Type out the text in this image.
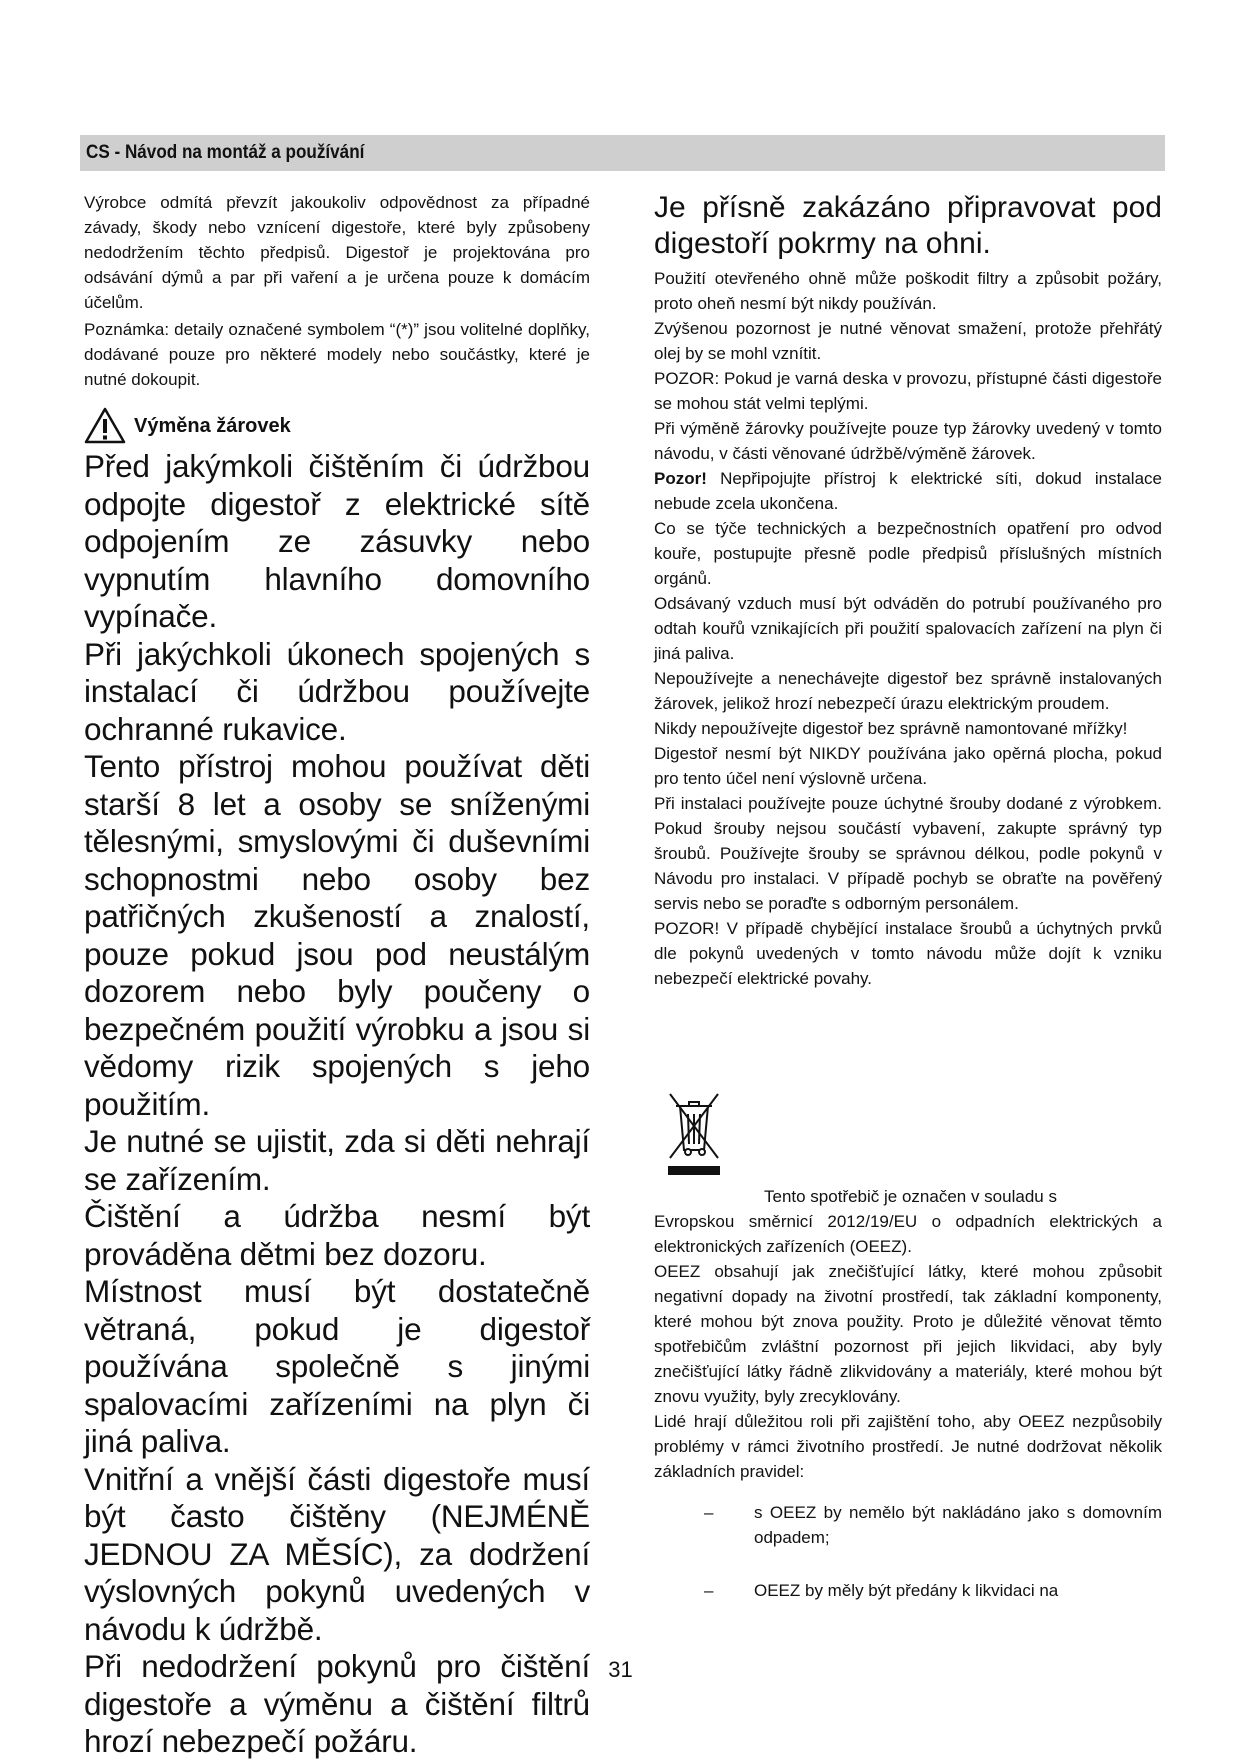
CS - Návod na montáž a používání

Výrobce odmítá převzít jakoukoliv odpovědnost za případné závady, škody nebo vznícení digestoře, které byly způsobeny nedodržením těchto předpisů. Digestoř je projektována pro odsávání dýmů a par při vaření a je určena pouze k domácím účelům.

Poznámka: detaily označené symbolem “(*)” jsou volitelné doplňky, dodávané pouze pro některé modely nebo součástky, které je nutné dokoupit.

Výměna žárovek

Před jakýmkoli čištěním či údržbou odpojte digestoř z elektrické sítě odpojením ze zásuvky nebo vypnutím hlavního domovního vypínače.

Při jakýchkoli úkonech spojených s instalací či údržbou používejte ochranné rukavice.

Tento přístroj mohou používat děti starší 8 let a osoby se sníženými tělesnými, smyslovými či duševními schopnostmi nebo osoby bez patřičných zkušeností a znalostí, pouze pokud jsou pod neustálým dozorem nebo byly poučeny o bezpečném použití výrobku a jsou si vědomy rizik spojených s jeho použitím.

Je nutné se ujistit, zda si děti nehrají se zařízením.

Čištění a údržba nesmí být prováděna dětmi bez dozoru.

Místnost musí být dostatečně větraná, pokud je digestoř používána společně s jinými spalovacími zařízeními na plyn či jiná paliva.

Vnitřní a vnější části digestoře musí být často čištěny (NEJMÉNĚ JEDNOU ZA MĚSÍC), za dodržení výslovných pokynů uvedených v návodu k údržbě.

Při nedodržení pokynů pro čištění digestoře a výměnu a čištění filtrů hrozí nebezpečí požáru.

Je přísně zakázáno připravovat pod digestoří pokrmy na ohni.

Použití otevřeného ohně může poškodit filtry a způsobit požáry, proto oheň nesmí být nikdy používán.

Zvýšenou pozornost je nutné věnovat smažení, protože přehřátý olej by se mohl vznítit.

POZOR: Pokud je varná deska v provozu, přístupné části digestoře se mohou stát velmi teplými.

Při výměně žárovky používejte pouze typ žárovky uvedený v tomto návodu, v části věnované údržbě/výměně žárovek.

Pozor! Nepřipojujte přístroj k elektrické síti, dokud instalace nebude zcela ukončena.

Co se týče technických a bezpečnostních opatření pro odvod kouře, postupujte přesně podle předpisů příslušných místních orgánů.

Odsávaný vzduch musí být odváděn do potrubí používaného pro odtah kouřů vznikajících při použití spalovacích zařízení na plyn či jiná paliva.

Nepoužívejte a nenechávejte digestoř bez správně instalovaných žárovek, jelikož hrozí nebezpečí úrazu elektrickým proudem.

Nikdy nepoužívejte digestoř bez správně namontované mřížky!

Digestoř nesmí být NIKDY používána jako opěrná plocha, pokud pro tento účel není výslovně určena.

Při instalaci používejte pouze úchytné šrouby dodané z výrobkem. Pokud šrouby nejsou součástí vybavení, zakupte správný typ šroubů. Používejte šrouby se správnou délkou, podle pokynů v Návodu pro instalaci. V případě pochyb se obraťte na pověřený servis nebo se poraďte s odborným personálem.

POZOR! V případě chybějící instalace šroubů a úchytných prvků dle pokynů uvedených v tomto návodu může dojít k vzniku nebezpečí elektrické povahy.

Tento spotřebič je označen v souladu s

Evropskou směrnicí 2012/19/EU o odpadních elektrických a elektronických zařízeních (OEEZ).

OEEZ obsahují jak znečišťující látky, které mohou způsobit negativní dopady na životní prostředí, tak základní komponenty, které mohou být znova použity. Proto je důležité věnovat těmto spotřebičům zvláštní pozornost při jejich likvidaci, aby byly znečišťující látky řádně zlikvidovány a materiály, které mohou být znovu využity, byly zrecyklovány.

Lidé hrají důležitou roli při zajištění toho, aby OEEZ nezpůsobily problémy v rámci životního prostředí. Je nutné dodržovat několik základních pravidel:

– s OEEZ by nemělo být nakládáno jako s domovním odpadem;
– OEEZ by měly být předány k likvidaci na
31
